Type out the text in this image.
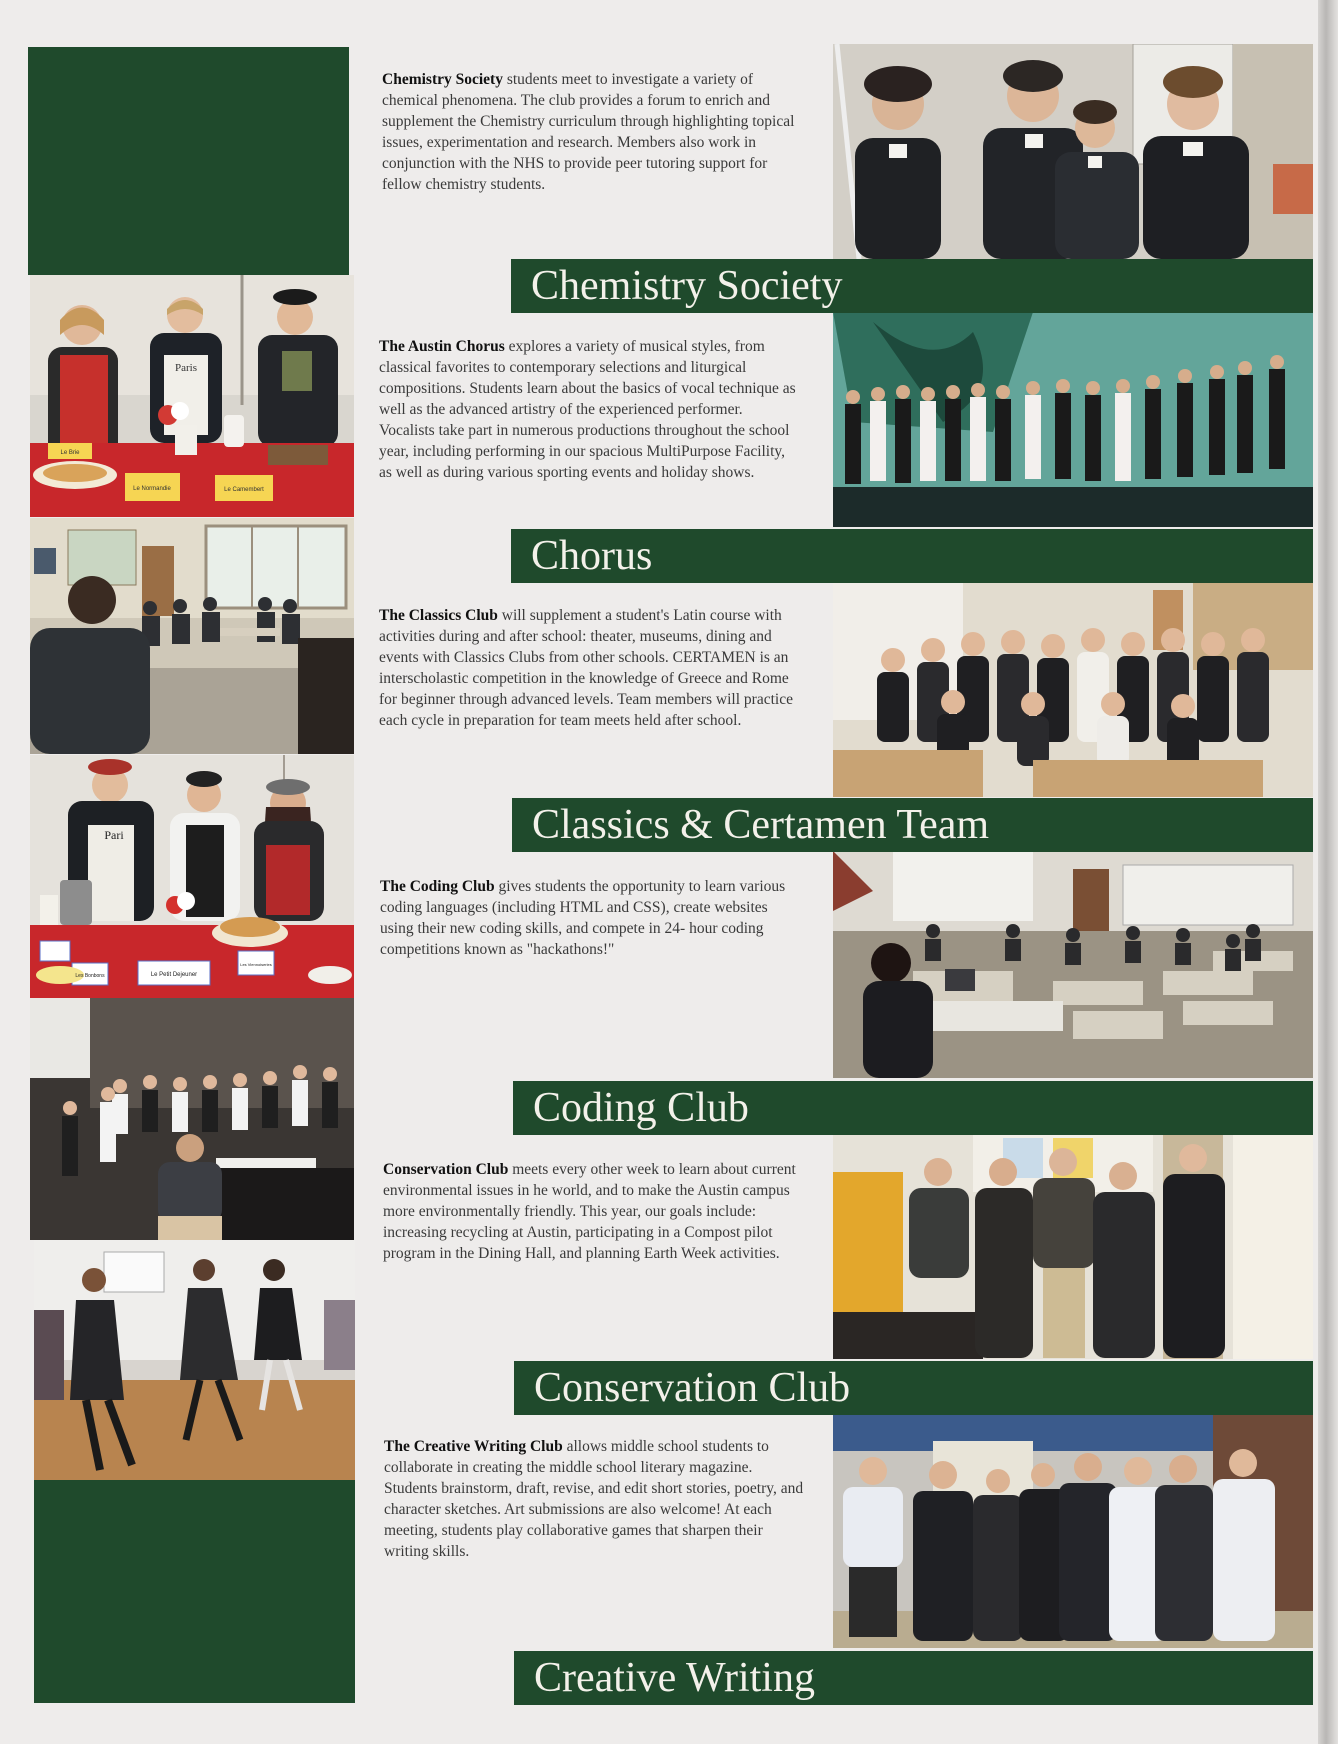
Le Brie
Le Normandie	Le Camembert
Paris
Le Petit Dejeuner
Les Bonbons
Les Viennoiseries
Pari

Chemistry Society students meet to investigate a variety of chemical phenomena. The club provides a forum to enrich and supplement the Chemistry curriculum through highlighting topical issues, experimentation and research. Members also work in conjunction with the NHS to provide peer tutoring support for fellow chemistry students.

The Austin Chorus explores a variety of musical styles, from classical favorites to contemporary selections and liturgical compositions. Students learn about the basics of vocal technique as well as the advanced artistry of the experienced performer. Vocalists take part in numerous productions throughout the school year, including performing in our spacious MultiPurpose Facility, as well as during various sporting events and holiday shows.

The Classics Club will supplement a student's Latin course with activities during and after school: theater, museums, dining and events with Classics Clubs from other schools. CERTAMEN is an interscholastic competition in the knowledge of Greece and Rome for beginner through advanced levels. Team members will practice each cycle in preparation for team meets held after school.

The Coding Club gives students the opportunity to learn various coding languages (including HTML and CSS), create websites using their new coding skills, and compete in 24- hour coding competitions known as "hackathons!"

Conservation Club meets every other week to learn about current environmental issues in he world, and to make the Austin campus more environmentally friendly. This year, our goals include: increasing recycling at Austin, participating in a Compost pilot program in the Dining Hall, and planning Earth Week activities.

The Creative Writing Club allows middle school students to collaborate in creating the middle school literary magazine. Students brainstorm, draft, revise, and edit short stories, poetry, and character sketches. Art submissions are also welcome! At each meeting, students play collaborative games that sharpen their writing skills.

Chemistry Society
Chorus
Classics & Certamen Team
Coding Club
Conservation Club
Creative Writing
